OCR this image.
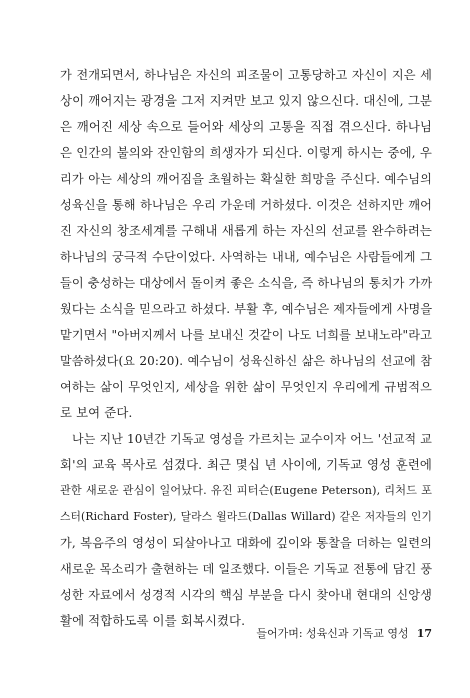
가 전개되면서, 하나님은 자신의 피조물이 고통당하고 자신이 지은 세
상이 깨어지는 광경을 그저 지켜만 보고 있지 않으신다. 대신에, 그분
은 깨어진 세상 속으로 들어와 세상의 고통을 직접 겪으신다. 하나님
은 인간의 불의와 잔인함의 희생자가 되신다. 이렇게 하시는 중에, 우
리가 아는 세상의 깨어짐을 초월하는 확실한 희망을 주신다. 예수님의
성육신을 통해 하나님은 우리 가운데 거하셨다. 이것은 선하지만 깨어
진 자신의 창조세계를 구해내 새롭게 하는 자신의 선교를 완수하려는
하나님의 궁극적 수단이었다. 사역하는 내내, 예수님은 사람들에게 그
들이 충성하는 대상에서 돌이켜 좋은 소식을, 즉 하나님의 통치가 가까
웠다는 소식을 믿으라고 하셨다. 부활 후, 예수님은 제자들에게 사명을
맡기면서 "아버지께서 나를 보내신 것같이 나도 너희를 보내노라"라고
말씀하셨다(요 20:20). 예수님이 성육신하신 삶은 하나님의 선교에 참
여하는 삶이 무엇인지, 세상을 위한 삶이 무엇인지 우리에게 규범적으
로 보여 준다.
나는 지난 10년간 기독교 영성을 가르치는 교수이자 어느 '선교적 교
회'의 교육 목사로 섬겼다. 최근 몇십 년 사이에, 기독교 영성 훈련에
관한 새로운 관심이 일어났다. 유진 피터슨(Eugene Peterson), 리처드 포
스터(Richard Foster), 달라스 윌라드(Dallas Willard) 같은 저자들의 인기
가, 복음주의 영성이 되살아나고 대화에 깊이와 통찰을 더하는 일련의
새로운 목소리가 출현하는 데 일조했다. 이들은 기독교 전통에 담긴 풍
성한 자료에서 성경적 시각의 핵심 부분을 다시 찾아내 현대의 신앙생
활에 적합하도록 이를 회복시켰다.
들어가며: 성육신과 기독교 영성 17
